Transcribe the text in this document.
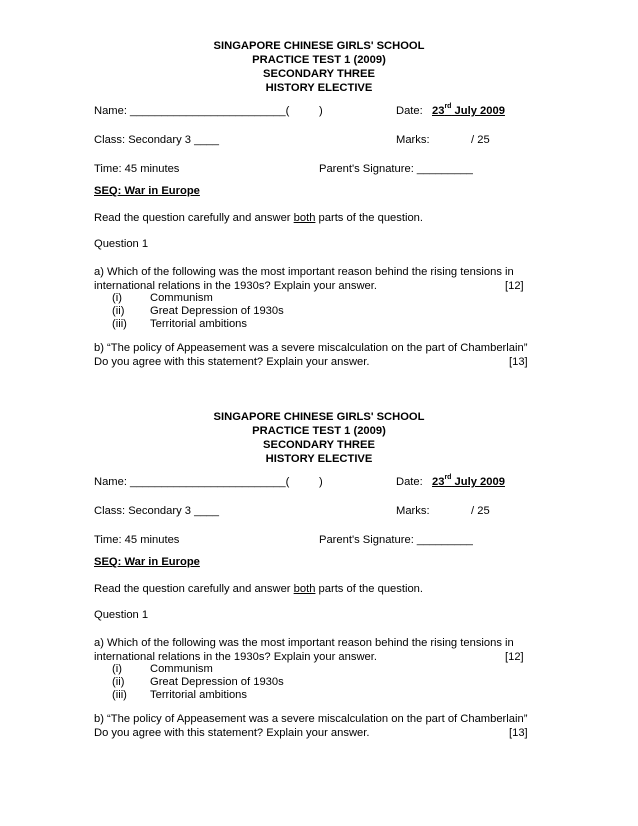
SINGAPORE CHINESE GIRLS' SCHOOL
PRACTICE TEST 1 (2009)
SECONDARY THREE
HISTORY ELECTIVE
Name: _________________________(	)	Date: 23rd July 2009
Class: Secondary 3 ____	Marks:	/ 25
Time: 45 minutes	Parent's Signature: _________
SEQ: War in Europe
Read the question carefully and answer both parts of the question.
Question 1
a) Which of the following was the most important reason behind the rising tensions in
international relations in the 1930s? Explain your answer.	[12]
(i)	Communism
(ii) Great Depression of 1930s
(iii) Territorial ambitions
b) “The policy of Appeasement was a severe miscalculation on the part of Chamberlain”
Do you agree with this statement? Explain your answer.	[13]
SINGAPORE CHINESE GIRLS' SCHOOL
PRACTICE TEST 1 (2009)
SECONDARY THREE
HISTORY ELECTIVE
Name: _________________________(	)	Date: 23rd July 2009
Class: Secondary 3 ____	Marks:	/ 25
Time: 45 minutes	Parent's Signature: _________
SEQ: War in Europe
Read the question carefully and answer both parts of the question.
Question 1
a) Which of the following was the most important reason behind the rising tensions in
international relations in the 1930s? Explain your answer.	[12]
(i)	Communism
(ii) Great Depression of 1930s
(iii) Territorial ambitions
b) “The policy of Appeasement was a severe miscalculation on the part of Chamberlain”
Do you agree with this statement? Explain your answer.	[13]
